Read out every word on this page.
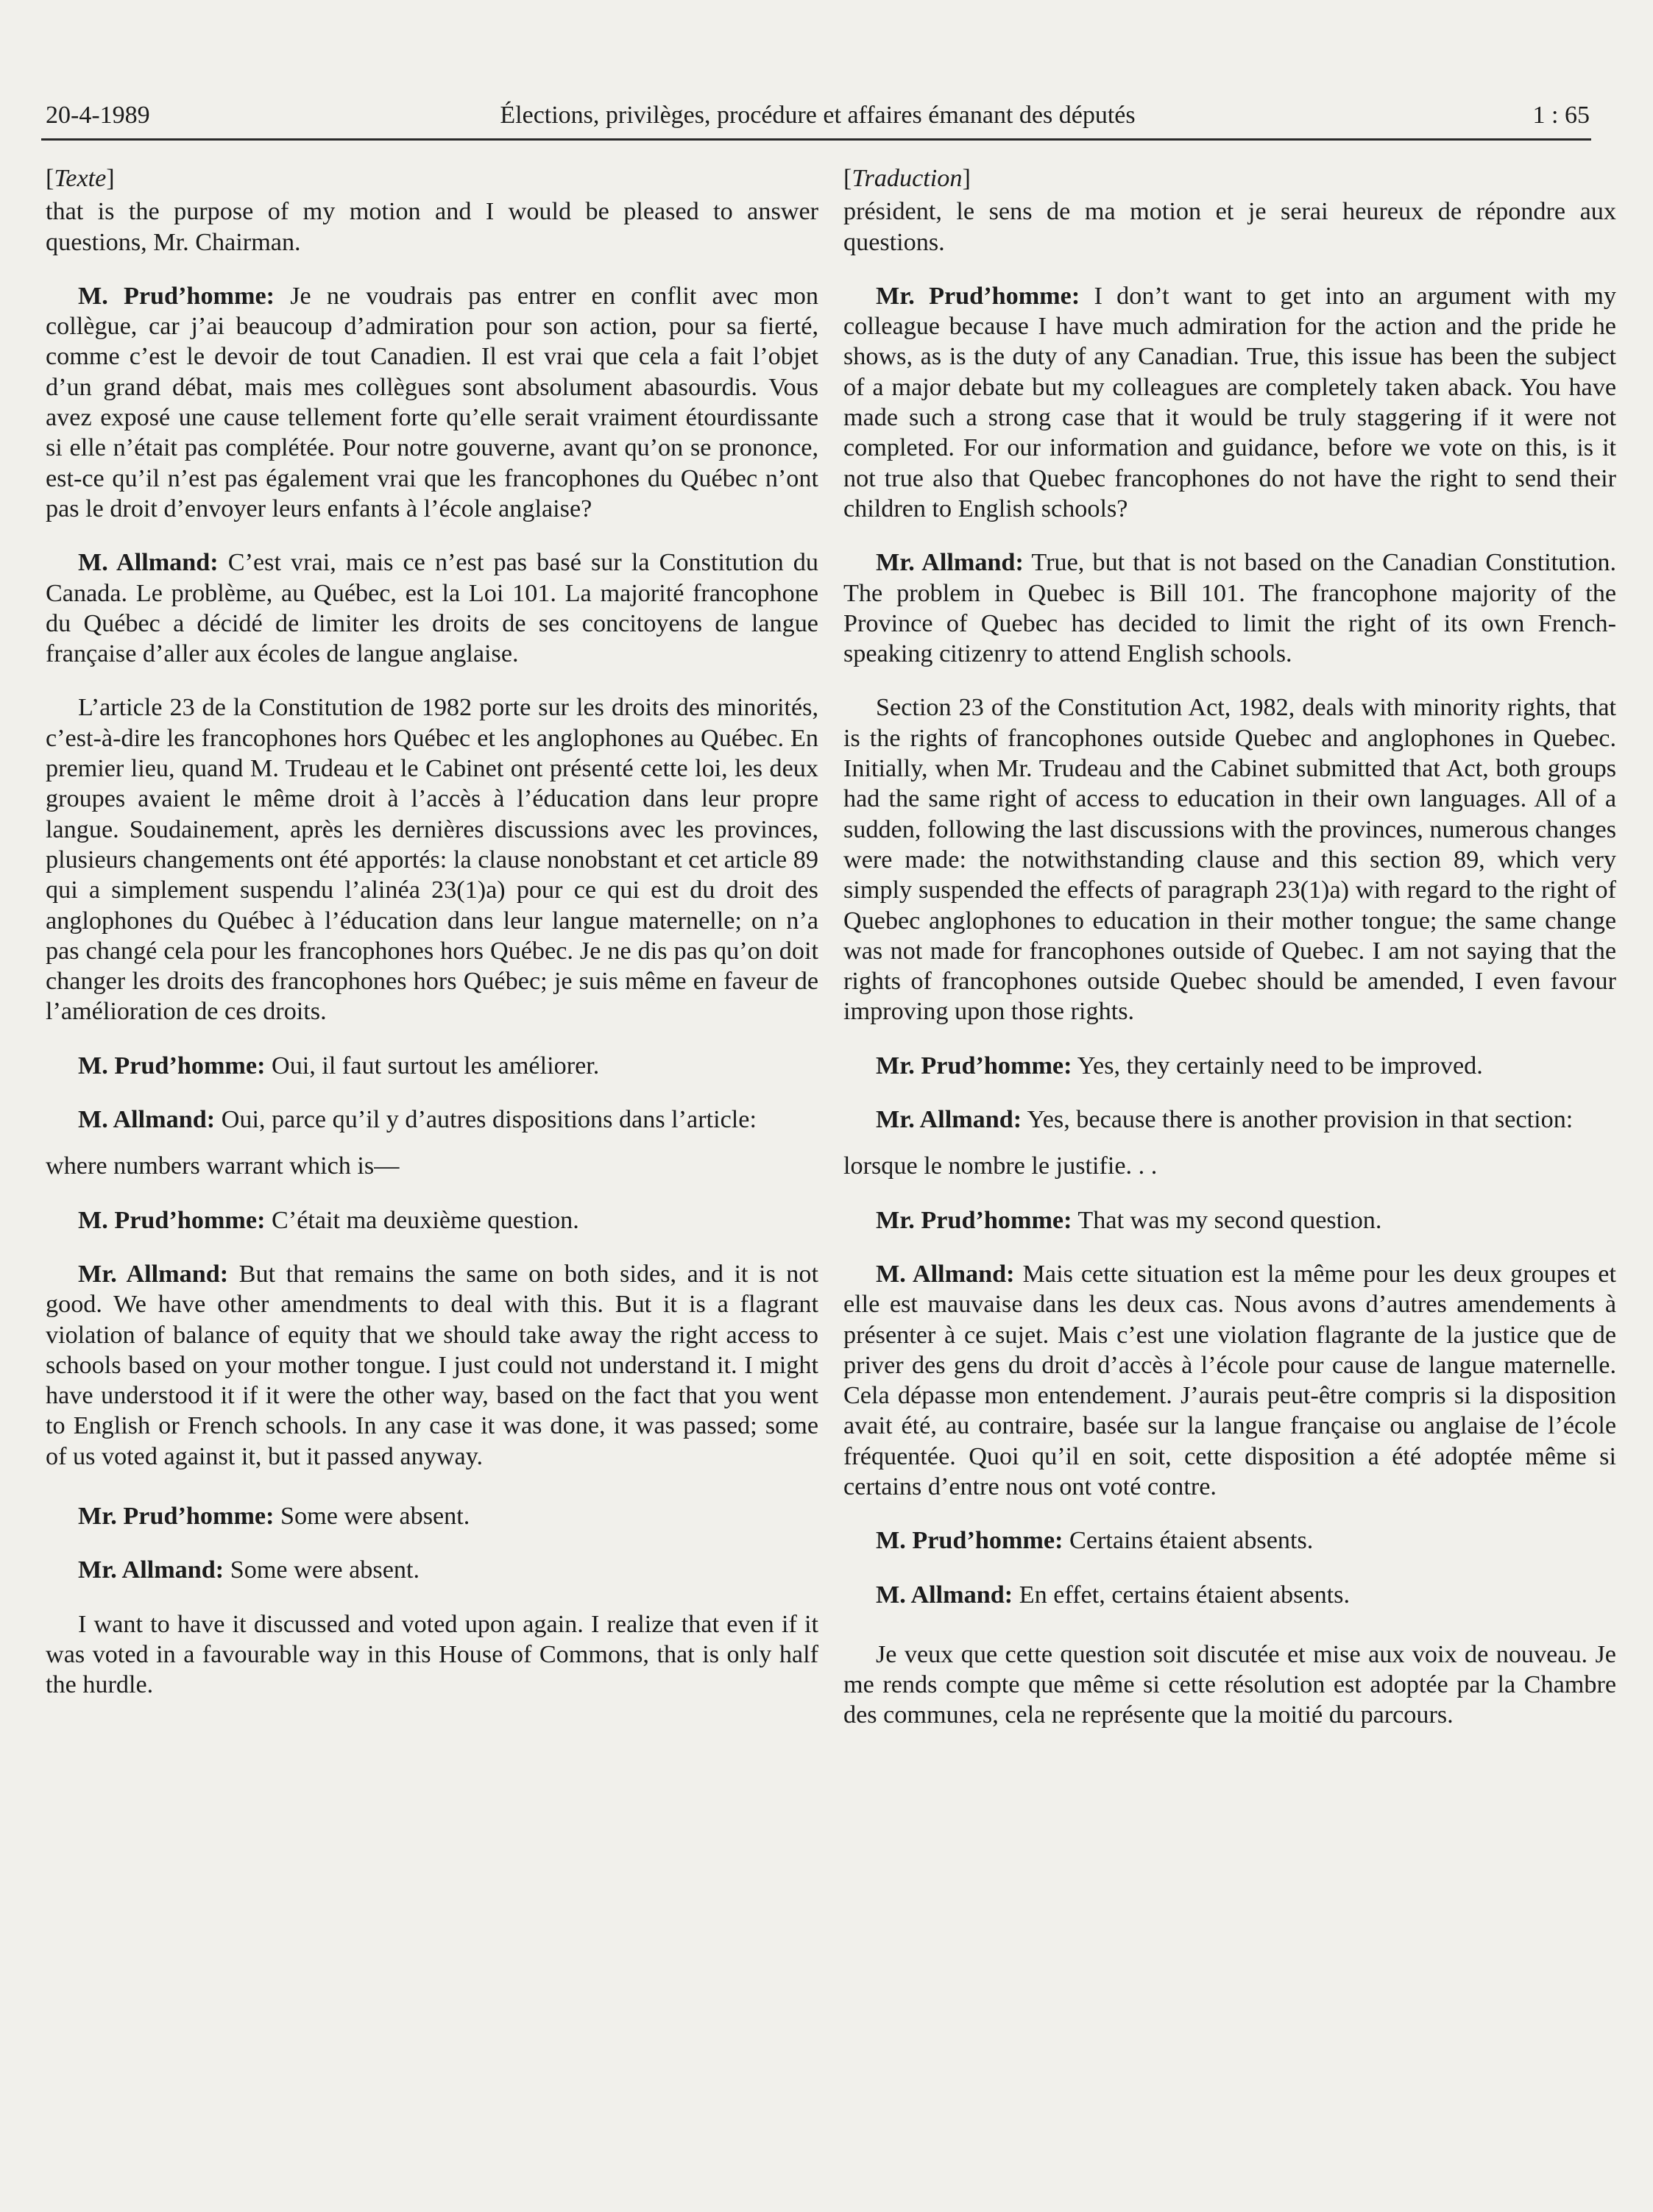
20-4-1989	Élections, privilèges, procédure et affaires émanant des députés	1 : 65
[Texte]

that is the purpose of my motion and I would be pleased to answer questions, Mr. Chairman.

M. Prud’homme: Je ne voudrais pas entrer en conflit avec mon collègue, car j’ai beaucoup d’admiration pour son action, pour sa fierté, comme c’est le devoir de tout Canadien. Il est vrai que cela a fait l’objet d’un grand débat, mais mes collègues sont absolument abasourdis. Vous avez exposé une cause tellement forte qu’elle serait vraiment étourdissante si elle n’était pas complétée. Pour notre gouverne, avant qu’on se prononce, est-ce qu’il n’est pas également vrai que les francophones du Québec n’ont pas le droit d’envoyer leurs enfants à l’école anglaise?

M. Allmand: C’est vrai, mais ce n’est pas basé sur la Constitution du Canada. Le problème, au Québec, est la Loi 101. La majorité francophone du Québec a décidé de limiter les droits de ses concitoyens de langue française d’aller aux écoles de langue anglaise.

L’article 23 de la Constitution de 1982 porte sur les droits des minorités, c’est-à-dire les francophones hors Québec et les anglophones au Québec. En premier lieu, quand M. Trudeau et le Cabinet ont présenté cette loi, les deux groupes avaient le même droit à l’accès à l’éducation dans leur propre langue. Soudainement, après les dernières discussions avec les provinces, plusieurs changements ont été apportés: la clause nonobstant et cet article 89 qui a simplement suspendu l’alinéa 23(1)a) pour ce qui est du droit des anglophones du Québec à l’éducation dans leur langue maternelle; on n’a pas changé cela pour les francophones hors Québec. Je ne dis pas qu’on doit changer les droits des francophones hors Québec; je suis même en faveur de l’amélioration de ces droits.

M. Prud’homme: Oui, il faut surtout les améliorer.

M. Allmand: Oui, parce qu’il y d’autres dispositions dans l’article:

where numbers warrant which is—

M. Prud’homme: C’était ma deuxième question.

Mr. Allmand: But that remains the same on both sides, and it is not good. We have other amendments to deal with this. But it is a flagrant violation of balance of equity that we should take away the right access to schools based on your mother tongue. I just could not understand it. I might have understood it if it were the other way, based on the fact that you went to English or French schools. In any case it was done, it was passed; some of us voted against it, but it passed anyway.

Mr. Prud’homme: Some were absent.

Mr. Allmand: Some were absent.

I want to have it discussed and voted upon again. I realize that even if it was voted in a favourable way in this House of Commons, that is only half the hurdle.

[Traduction]

président, le sens de ma motion et je serai heureux de répondre aux questions.

Mr. Prud’homme: I don’t want to get into an argument with my colleague because I have much admiration for the action and the pride he shows, as is the duty of any Canadian. True, this issue has been the subject of a major debate but my colleagues are completely taken aback. You have made such a strong case that it would be truly staggering if it were not completed. For our information and guidance, before we vote on this, is it not true also that Quebec francophones do not have the right to send their children to English schools?

Mr. Allmand: True, but that is not based on the Canadian Constitution. The problem in Quebec is Bill 101. The francophone majority of the Province of Quebec has decided to limit the right of its own French-speaking citizenry to attend English schools.

Section 23 of the Constitution Act, 1982, deals with minority rights, that is the rights of francophones outside Quebec and anglophones in Quebec. Initially, when Mr. Trudeau and the Cabinet submitted that Act, both groups had the same right of access to education in their own languages. All of a sudden, following the last discussions with the provinces, numerous changes were made: the notwithstanding clause and this section 89, which very simply suspended the effects of paragraph 23(1)a) with regard to the right of Quebec anglophones to education in their mother tongue; the same change was not made for francophones outside of Quebec. I am not saying that the rights of francophones outside Quebec should be amended, I even favour improving upon those rights.

Mr. Prud’homme: Yes, they certainly need to be improved.

Mr. Allmand: Yes, because there is another provision in that section:

lorsque le nombre le justifie. . .

Mr. Prud’homme: That was my second question.

M. Allmand: Mais cette situation est la même pour les deux groupes et elle est mauvaise dans les deux cas. Nous avons d’autres amendements à présenter à ce sujet. Mais c’est une violation flagrante de la justice que de priver des gens du droit d’accès à l’école pour cause de langue maternelle. Cela dépasse mon entendement. J’aurais peut-être compris si la disposition avait été, au contraire, basée sur la langue française ou anglaise de l’école fréquentée. Quoi qu’il en soit, cette disposition a été adoptée même si certains d’entre nous ont voté contre.

M. Prud’homme: Certains étaient absents.

M. Allmand: En effet, certains étaient absents.

Je veux que cette question soit discutée et mise aux voix de nouveau. Je me rends compte que même si cette résolution est adoptée par la Chambre des communes, cela ne représente que la moitié du parcours.
